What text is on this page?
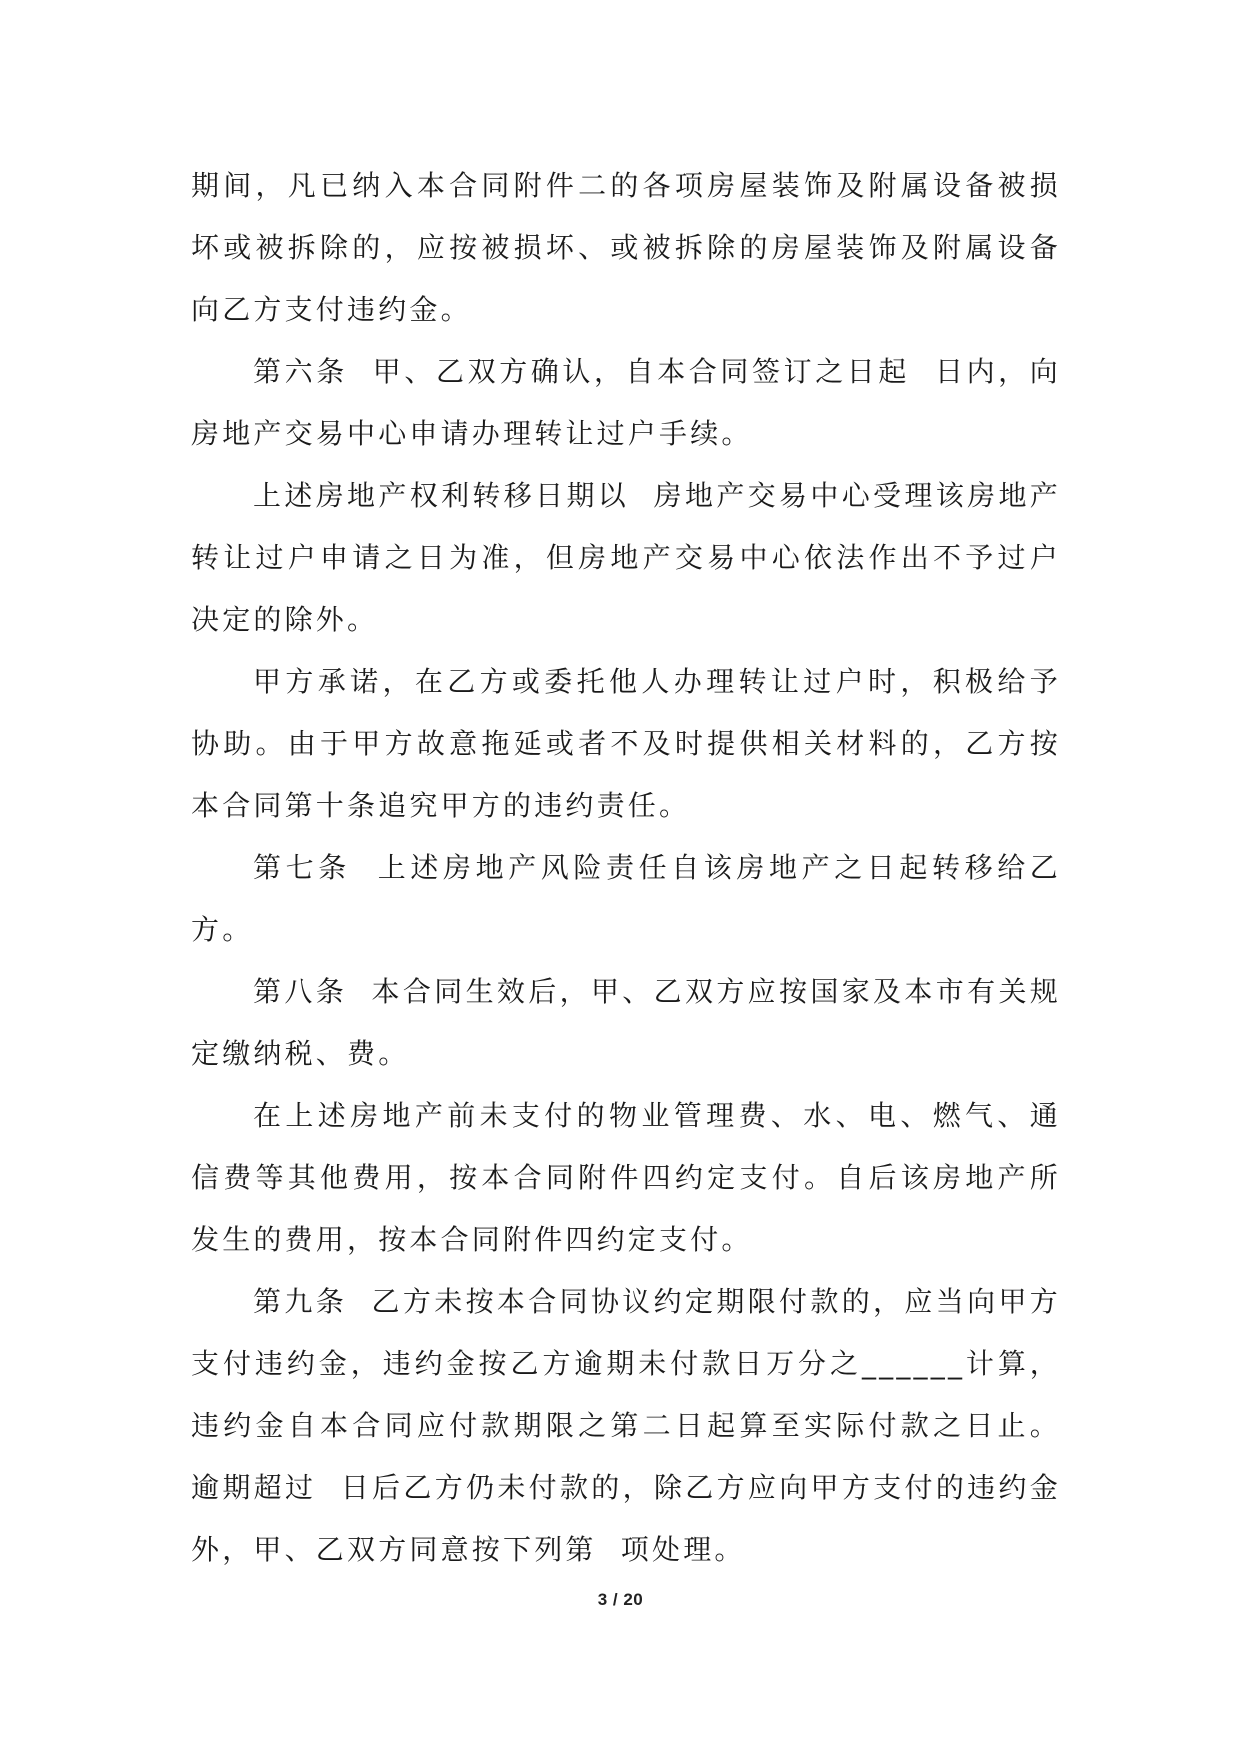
期间，凡已纳入本合同附件二的各项房屋装饰及附属设备被损坏或被拆除的，应按被损坏、或被拆除的房屋装饰及附属设备向乙方支付违约金。

第六条  甲、乙双方确认，自本合同签订之日起  日内，向房地产交易中心申请办理转让过户手续。

上述房地产权利转移日期以  房地产交易中心受理该房地产转让过户申请之日为准，但房地产交易中心依法作出不予过户决定的除外。

甲方承诺，在乙方或委托他人办理转让过户时，积极给予协助。由于甲方故意拖延或者不及时提供相关材料的，乙方按本合同第十条追究甲方的违约责任。

第七条  上述房地产风险责任自该房地产之日起转移给乙方。

第八条  本合同生效后，甲、乙双方应按国家及本市有关规定缴纳税、费。

在上述房地产前未支付的物业管理费、水、电、燃气、通信费等其他费用，按本合同附件四约定支付。自后该房地产所发生的费用，按本合同附件四约定支付。

第九条  乙方未按本合同协议约定期限付款的，应当向甲方支付违约金，违约金按乙方逾期未付款日万分之______计算，违约金自本合同应付款期限之第二日起算至实际付款之日止。逾期超过  日后乙方仍未付款的，除乙方应向甲方支付的违约金外，甲、乙双方同意按下列第  项处理。

3 / 20
